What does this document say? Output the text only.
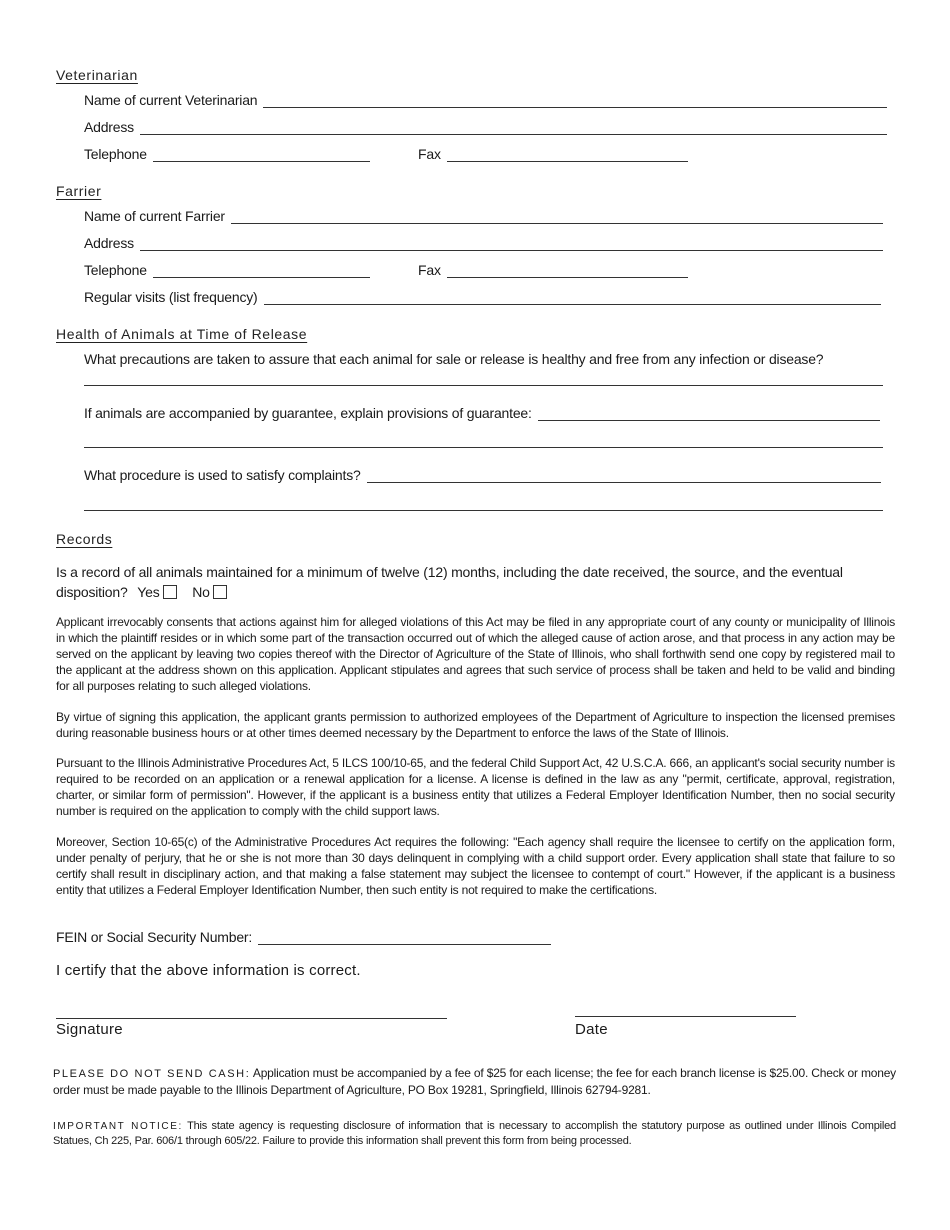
Veterinarian
Name of current Veterinarian
Address
Telephone	Fax
Farrier
Name of current Farrier
Address
Telephone	Fax
Regular visits (list frequency)
Health of Animals at Time of Release
What precautions are taken to assure that each animal for sale or release is healthy and free from any infection or disease?
If animals are accompanied by guarantee, explain provisions of guarantee:
What procedure is used to satisfy complaints?
Records
Is a record of all animals maintained for a minimum of twelve (12) months, including the date received, the source, and the eventual disposition? Yes No
Applicant irrevocably consents that actions against him for alleged violations of this Act may be filed in any appropriate court of any county or municipality of Illinois in which the plaintiff resides or in which some part of the transaction occurred out of which the alleged cause of action arose, and that process in any action may be served on the applicant by leaving two copies thereof with the Director of Agriculture of the State of Illinois, who shall forthwith send one copy by registered mail to the applicant at the address shown on this application. Applicant stipulates and agrees that such service of process shall be taken and held to be valid and binding for all purposes relating to such alleged violations.
By virtue of signing this application, the applicant grants permission to authorized employees of the Department of Agriculture to inspection the licensed premises during reasonable business hours or at other times deemed necessary by the Department to enforce the laws of the State of Illinois.
Pursuant to the Illinois Administrative Procedures Act, 5 ILCS 100/10-65, and the federal Child Support Act, 42 U.S.C.A. 666, an applicant's social security number is required to be recorded on an application or a renewal application for a license. A license is defined in the law as any "permit, certificate, approval, registration, charter, or similar form of permission". However, if the applicant is a business entity that utilizes a Federal Employer Identification Number, then no social security number is required on the application to comply with the child support laws.
Moreover, Section 10-65(c) of the Administrative Procedures Act requires the following: "Each agency shall require the licensee to certify on the application form, under penalty of perjury, that he or she is not more than 30 days delinquent in complying with a child support order. Every application shall state that failure to so certify shall result in disciplinary action, and that making a false statement may subject the licensee to contempt of court." However, if the applicant is a business entity that utilizes a Federal Employer Identification Number, then such entity is not required to make the certifications.
FEIN or Social Security Number:
I certify that the above information is correct.
Signature	Date
PLEASE DO NOT SEND CASH: Application must be accompanied by a fee of $25 for each license; the fee for each branch license is $25.00. Check or money order must be made payable to the Illinois Department of Agriculture, PO Box 19281, Springfield, Illinois 62794-9281.
IMPORTANT NOTICE: This state agency is requesting disclosure of information that is necessary to accomplish the statutory purpose as outlined under Illinois Compiled Statues, Ch 225, Par. 606/1 through 605/22. Failure to provide this information shall prevent this form from being processed.
